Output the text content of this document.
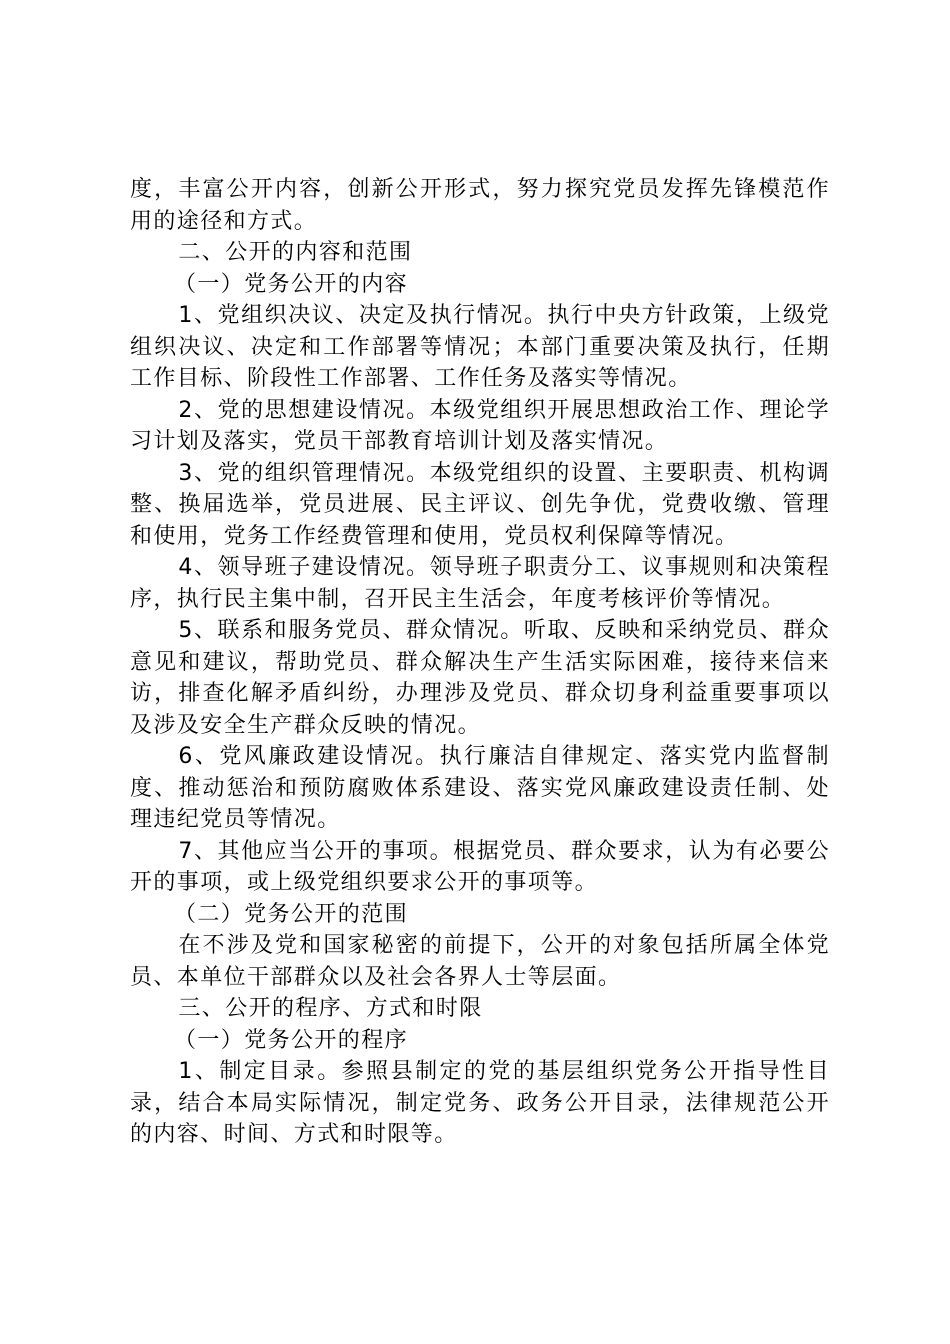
度，丰富公开内容，创新公开形式，努力探究党员发挥先锋模范作用的途径和方式。

二、公开的内容和范围

（一）党务公开的内容

1、党组织决议、决定及执行情况。执行中央方针政策，上级党组织决议、决定和工作部署等情况；本部门重要决策及执行，任期工作目标、阶段性工作部署、工作任务及落实等情况。

2、党的思想建设情况。本级党组织开展思想政治工作、理论学习计划及落实，党员干部教育培训计划及落实情况。

3、党的组织管理情况。本级党组织的设置、主要职责、机构调整、换届选举，党员进展、民主评议、创先争优，党费收缴、管理和使用，党务工作经费管理和使用，党员权利保障等情况。

4、领导班子建设情况。领导班子职责分工、议事规则和决策程序，执行民主集中制，召开民主生活会，年度考核评价等情况。

5、联系和服务党员、群众情况。听取、反映和采纳党员、群众意见和建议，帮助党员、群众解决生产生活实际困难，接待来信来访，排查化解矛盾纠纷，办理涉及党员、群众切身利益重要事项以及涉及安全生产群众反映的情况。

6、党风廉政建设情况。执行廉洁自律规定、落实党内监督制度、推动惩治和预防腐败体系建设、落实党风廉政建设责任制、处理违纪党员等情况。

7、其他应当公开的事项。根据党员、群众要求，认为有必要公开的事项，或上级党组织要求公开的事项等。

（二）党务公开的范围

在不涉及党和国家秘密的前提下，公开的对象包括所属全体党员、本单位干部群众以及社会各界人士等层面。

三、公开的程序、方式和时限

（一）党务公开的程序

1、制定目录。参照县制定的党的基层组织党务公开指导性目录，结合本局实际情况，制定党务、政务公开目录，法律规范公开的内容、时间、方式和时限等。
